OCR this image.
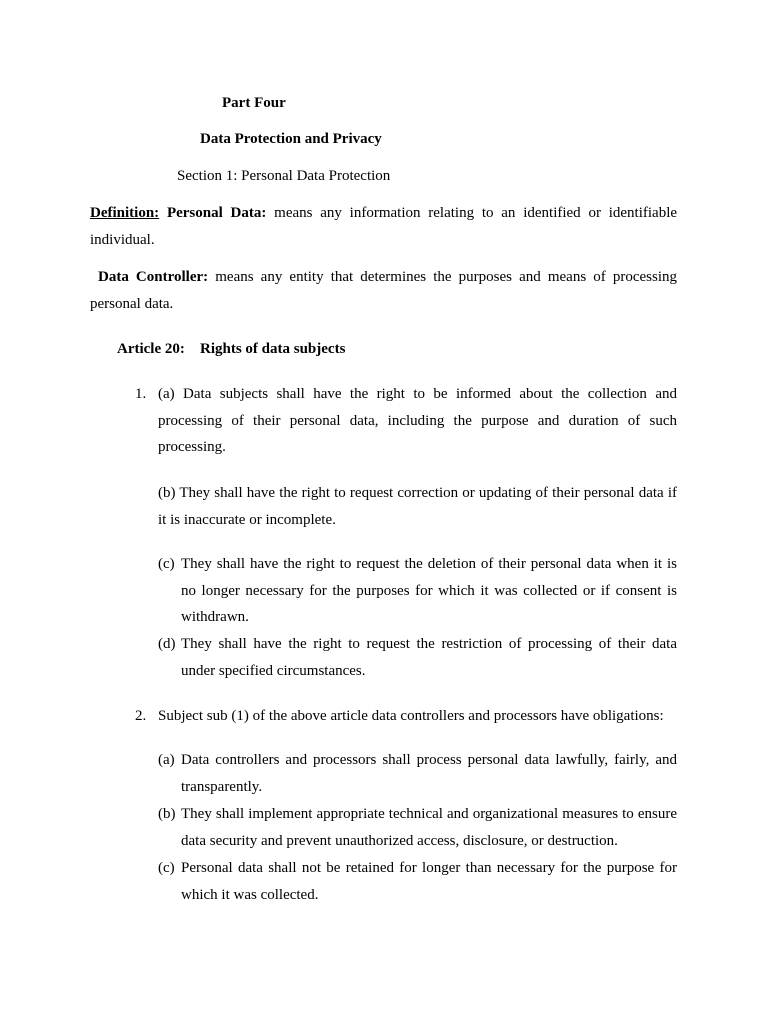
Part Four
Data Protection and Privacy
Section 1: Personal Data Protection
Definition: Personal Data: means any information relating to an identified or identifiable individual.
Data Controller: means any entity that determines the purposes and means of processing personal data.
Article 20: Rights of data subjects
1. (a) Data subjects shall have the right to be informed about the collection and processing of their personal data, including the purpose and duration of such processing.
(b) They shall have the right to request correction or updating of their personal data if it is inaccurate or incomplete.
(c) They shall have the right to request the deletion of their personal data when it is no longer necessary for the purposes for which it was collected or if consent is withdrawn.
(d) They shall have the right to request the restriction of processing of their data under specified circumstances.
2. Subject sub (1) of the above article data controllers and processors have obligations:
(a) Data controllers and processors shall process personal data lawfully, fairly, and transparently.
(b) They shall implement appropriate technical and organizational measures to ensure data security and prevent unauthorized access, disclosure, or destruction.
(c) Personal data shall not be retained for longer than necessary for the purpose for which it was collected.
